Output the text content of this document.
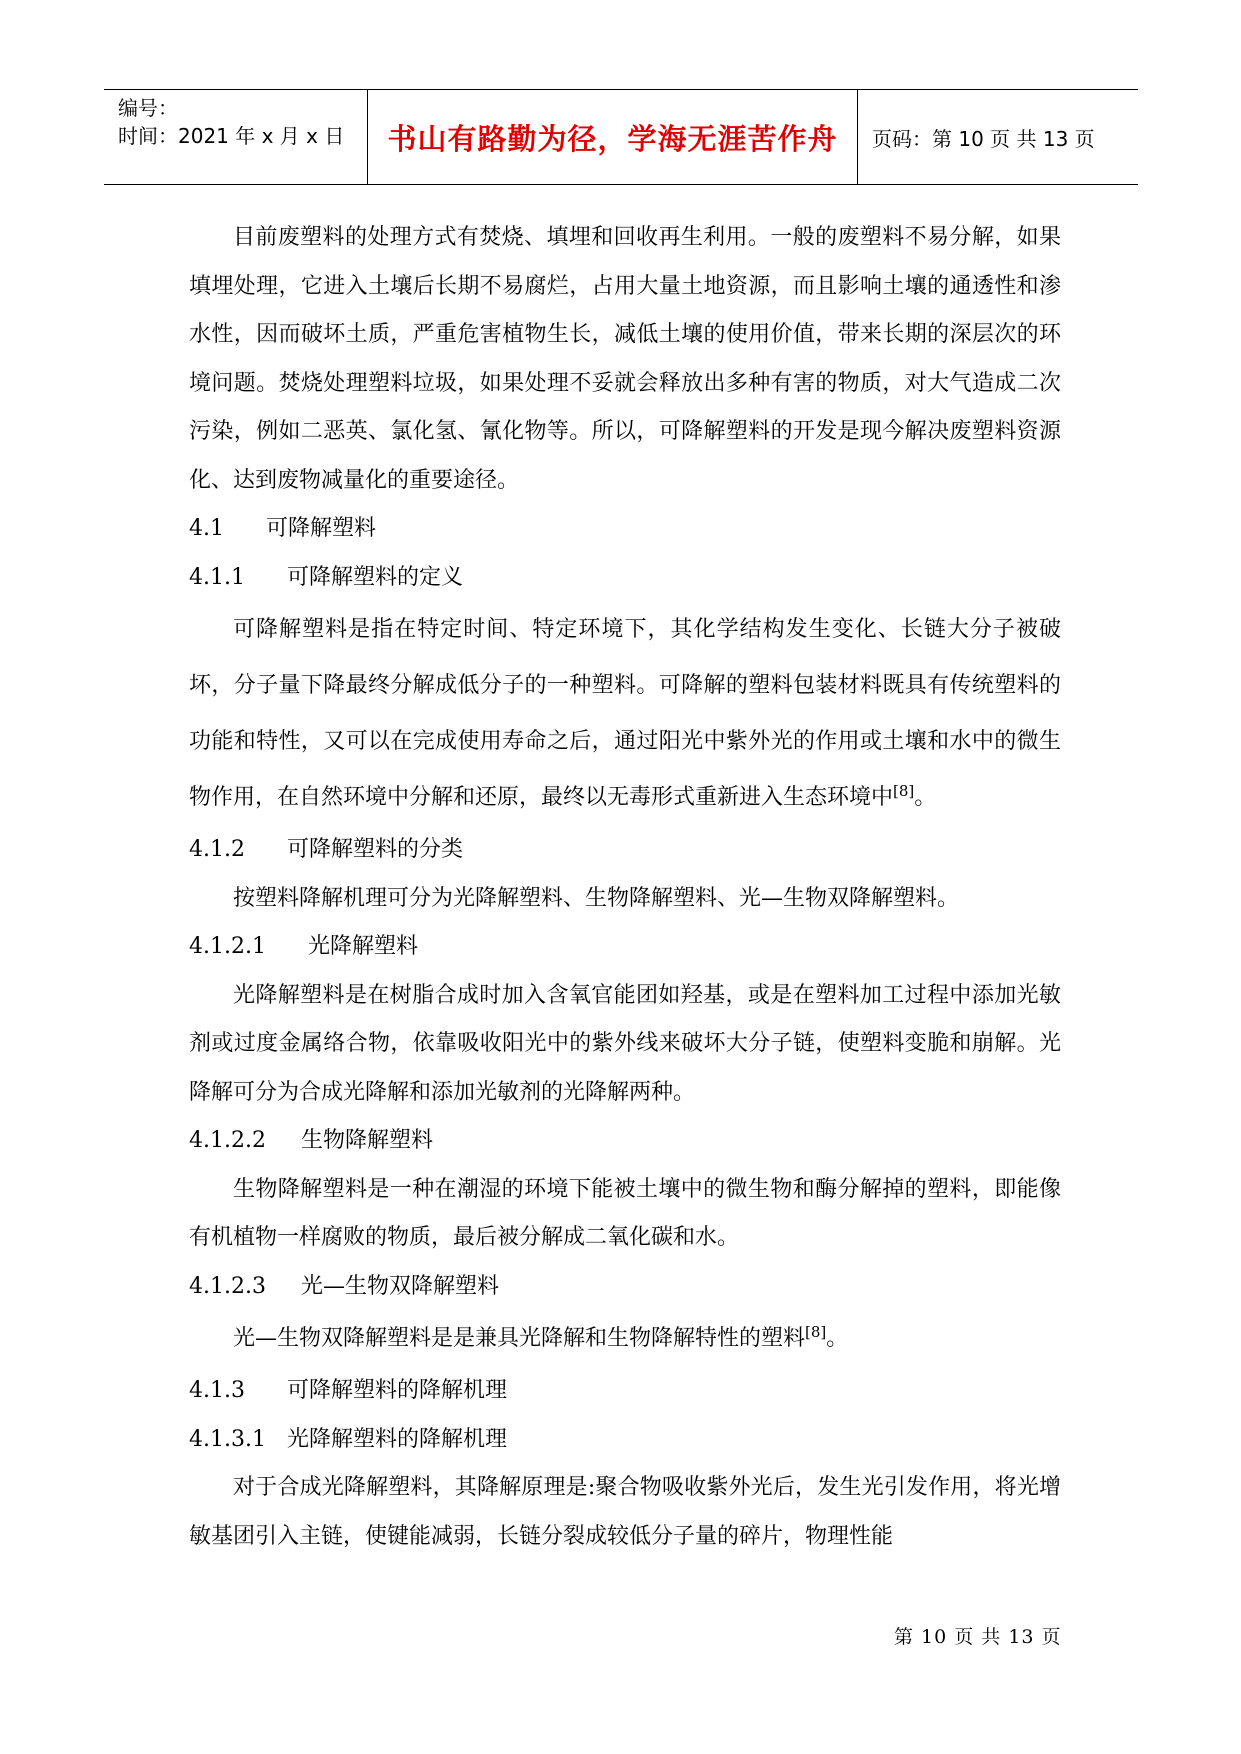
编号：
时间：2021 年 x 月 x 日	书山有路勤为径，学海无涯苦作舟 页码：第 10 页 共 13 页

目前废塑料的处理方式有焚烧、填埋和回收再生利用。一般的废塑料不易分解，如果填埋处理，它进入土壤后长期不易腐烂，占用大量土地资源，而且影响土壤的通透性和渗水性，因而破坏土质，严重危害植物生长，减低土壤的使用价值，带来长期的深层次的环境问题。焚烧处理塑料垃圾，如果处理不妥就会释放出多种有害的物质，对大气造成二次污染，例如二恶英、氯化氢、氰化物等。所以，可降解塑料的开发是现今解决废塑料资源化、达到废物减量化的重要途径。

4.1 可降解塑料

4.1.1 可降解塑料的定义

可降解塑料是指在特定时间、特定环境下，其化学结构发生变化、长链大分子被破坏，分子量下降最终分解成低分子的一种塑料。可降解的塑料包装材料既具有传统塑料的功能和特性，又可以在完成使用寿命之后，通过阳光中紫外光的作用或土壤和水中的微生物作用，在自然环境中分解和还原，最终以无毒形式重新进入生态环境中[8]。

4.1.2 可降解塑料的分类

按塑料降解机理可分为光降解塑料、生物降解塑料、光—生物双降解塑料。

4.1.2.1 光降解塑料

光降解塑料是在树脂合成时加入含氧官能团如羟基，或是在塑料加工过程中添加光敏剂或过度金属络合物，依靠吸收阳光中的紫外线来破坏大分子链，使塑料变脆和崩解。光降解可分为合成光降解和添加光敏剂的光降解两种。

4.1.2.2 生物降解塑料

生物降解塑料是一种在潮湿的环境下能被土壤中的微生物和酶分解掉的塑料，即能像有机植物一样腐败的物质，最后被分解成二氧化碳和水。

4.1.2.3 光—生物双降解塑料

光—生物双降解塑料是是兼具光降解和生物降解特性的塑料[8]。

4.1.3 可降解塑料的降解机理

4.1.3.1 光降解塑料的降解机理

对于合成光降解塑料，其降解原理是:聚合物吸收紫外光后，发生光引发作用，将光增敏基团引入主链，使键能减弱，长链分裂成较低分子量的碎片，物理性能

第 10 页 共 13 页
